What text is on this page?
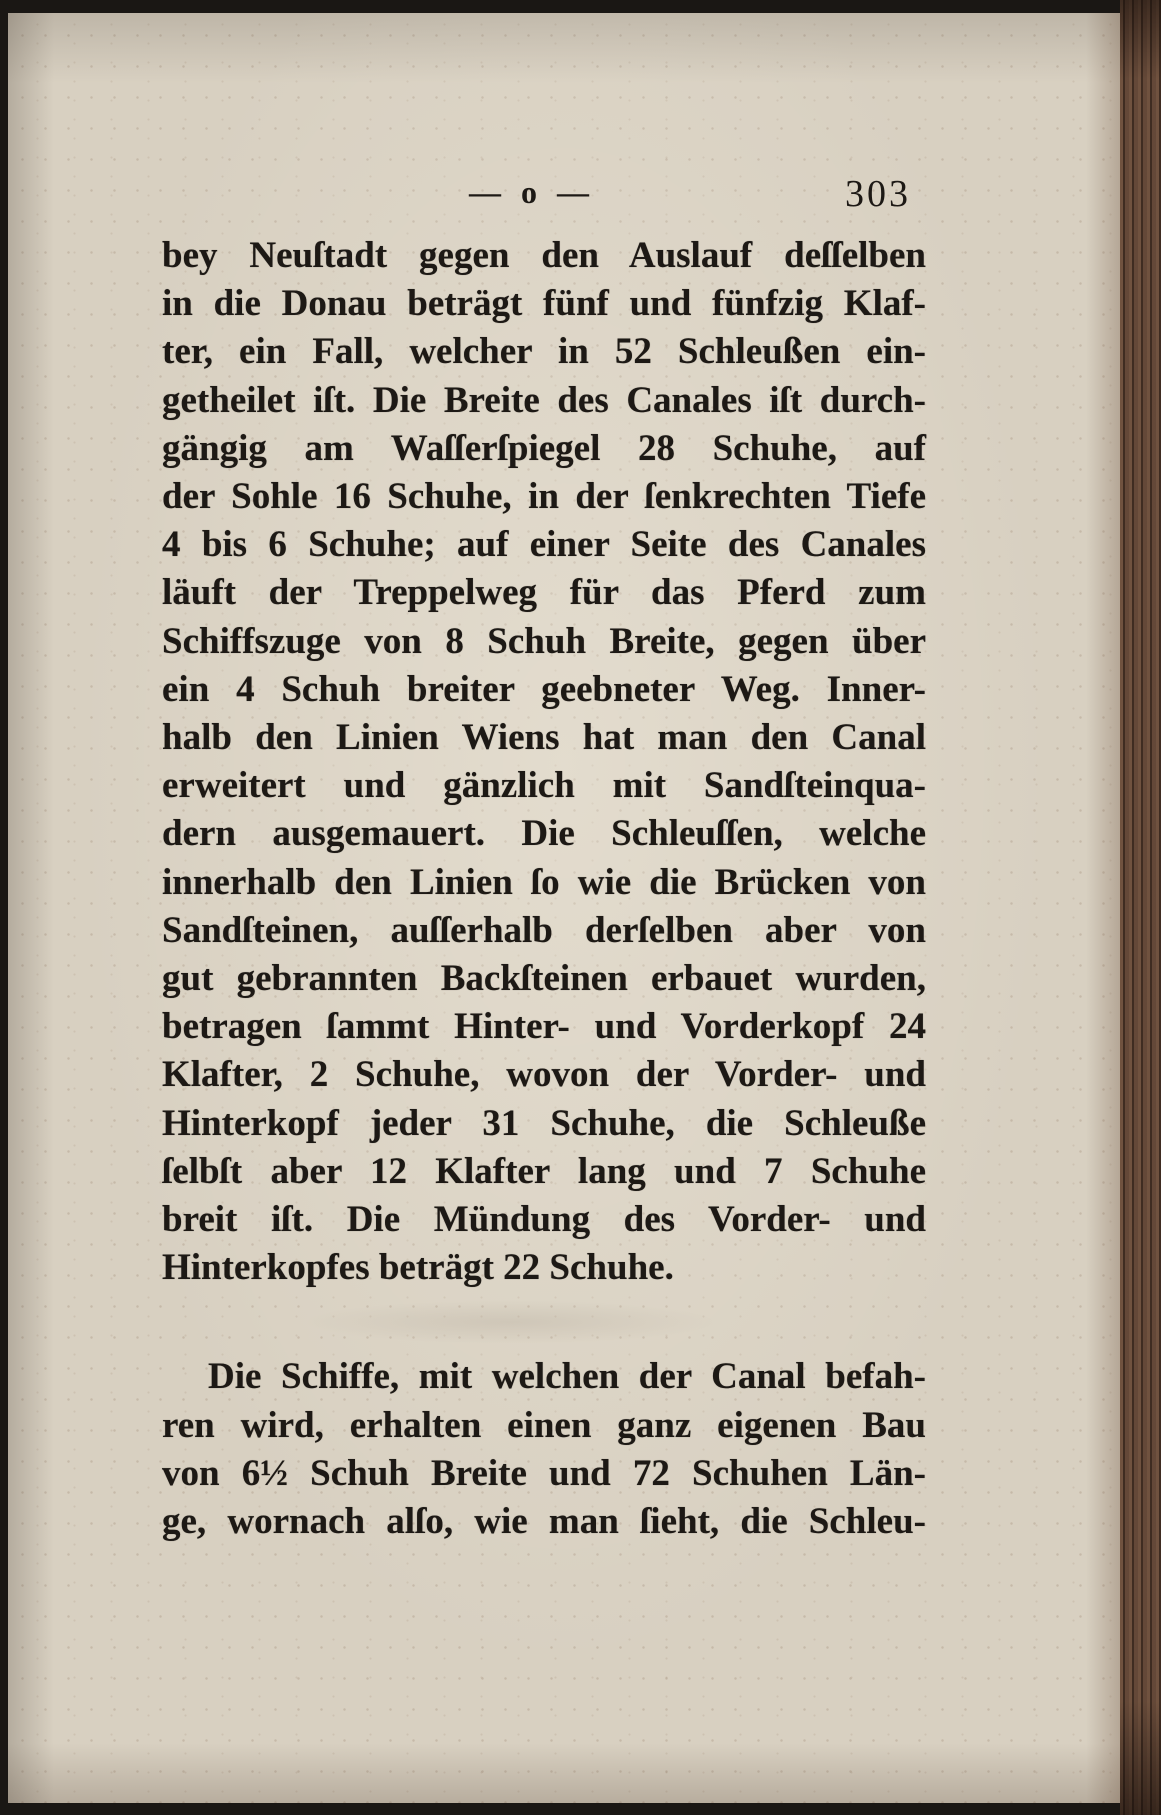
— o —	303
bey Neuſtadt gegen den Auslauf deſſelben
in die Donau beträgt fünf und fünfzig Klaf-
ter, ein Fall, welcher in 52 Schleußen ein-
getheilet iſt. Die Breite des Canales iſt durch-
gängig am Waſſerſpiegel 28 Schuhe, auf
der Sohle 16 Schuhe, in der ſenkrechten Tiefe
4 bis 6 Schuhe; auf einer Seite des Canales
läuft der Treppelweg für das Pferd zum
Schiffszuge von 8 Schuh Breite, gegen über
ein 4 Schuh breiter geebneter Weg. Inner-
halb den Linien Wiens hat man den Canal
erweitert und gänzlich mit Sandſteinqua-
dern ausgemauert. Die Schleuſſen, welche
innerhalb den Linien ſo wie die Brücken von
Sandſteinen, auſſerhalb derſelben aber von
gut gebrannten Backſteinen erbauet wurden,
betragen ſammt Hinter- und Vorderkopf 24
Klafter, 2 Schuhe, wovon der Vorder- und
Hinterkopf jeder 31 Schuhe, die Schleuße
ſelbſt aber 12 Klafter lang und 7 Schuhe
breit iſt. Die Mündung des Vorder- und
Hinterkopfes beträgt 22 Schuhe.
Die Schiffe, mit welchen der Canal befah-
ren wird, erhalten einen ganz eigenen Bau
von 6½ Schuh Breite und 72 Schuhen Län-
ge, wornach alſo, wie man ſieht, die Schleu-
